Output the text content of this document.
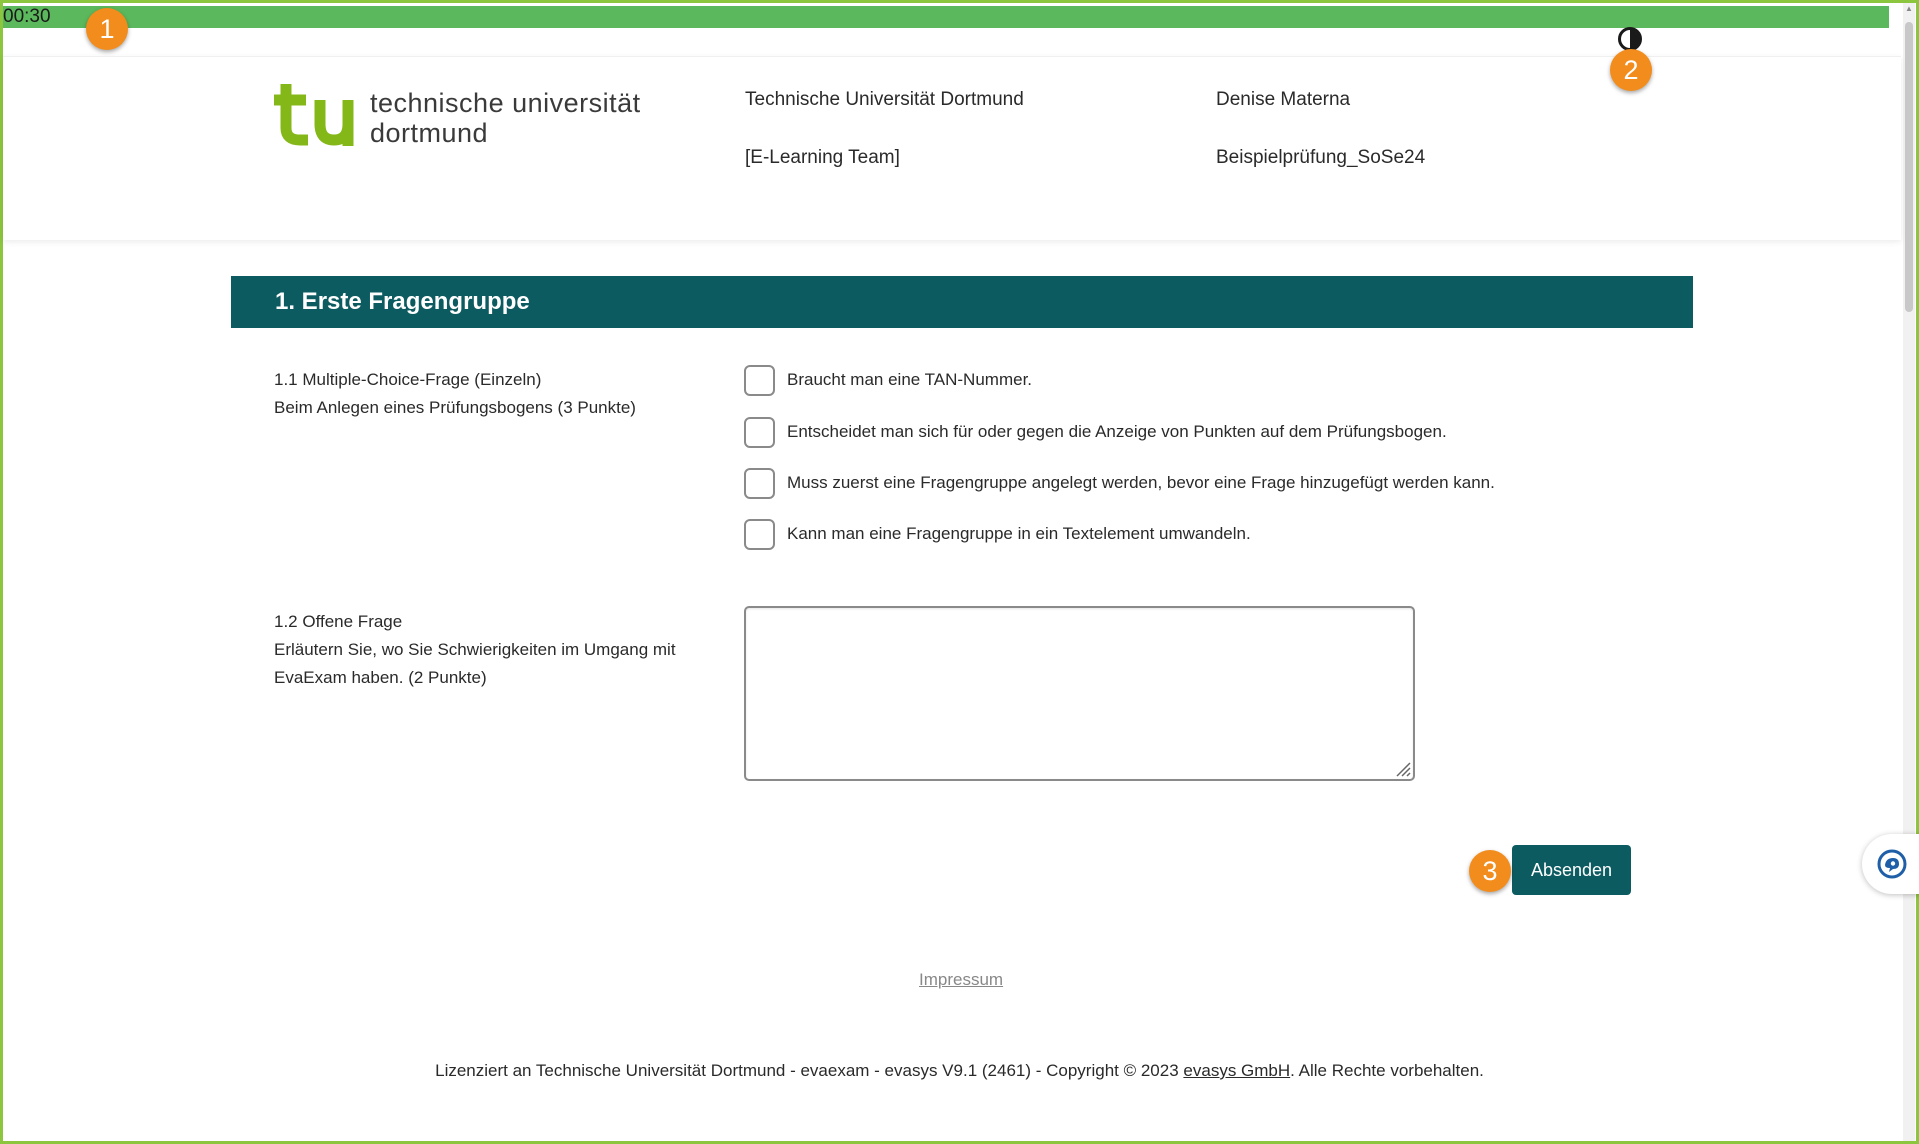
00:30	▲
technische universität
dortmund
Technische Universität Dortmund
[E-Learning Team]
Denise Materna
Beispielprüfung_SoSe24
1. Erste Fragengruppe
1.1 Multiple-Choice-Frage (Einzeln)
Beim Anlegen eines Prüfungsbogens (3 Punkte)
Braucht man eine TAN-Nummer.
Entscheidet man sich für oder gegen die Anzeige von Punkten auf dem Prüfungsbogen.
Muss zuerst eine Fragengruppe angelegt werden, bevor eine Frage hinzugefügt werden kann.
Kann man eine Fragengruppe in ein Textelement umwandeln.
1.2 Offene Frage
Erläutern Sie, wo Sie Schwierigkeiten im Umgang mit EvaExam haben. (2 Punkte)
Absenden
1
2
3
Impressum
Lizenziert an Technische Universität Dortmund - evaexam - evasys V9.1 (2461) - Copyright © 2023 evasys GmbH. Alle Rechte vorbehalten.
